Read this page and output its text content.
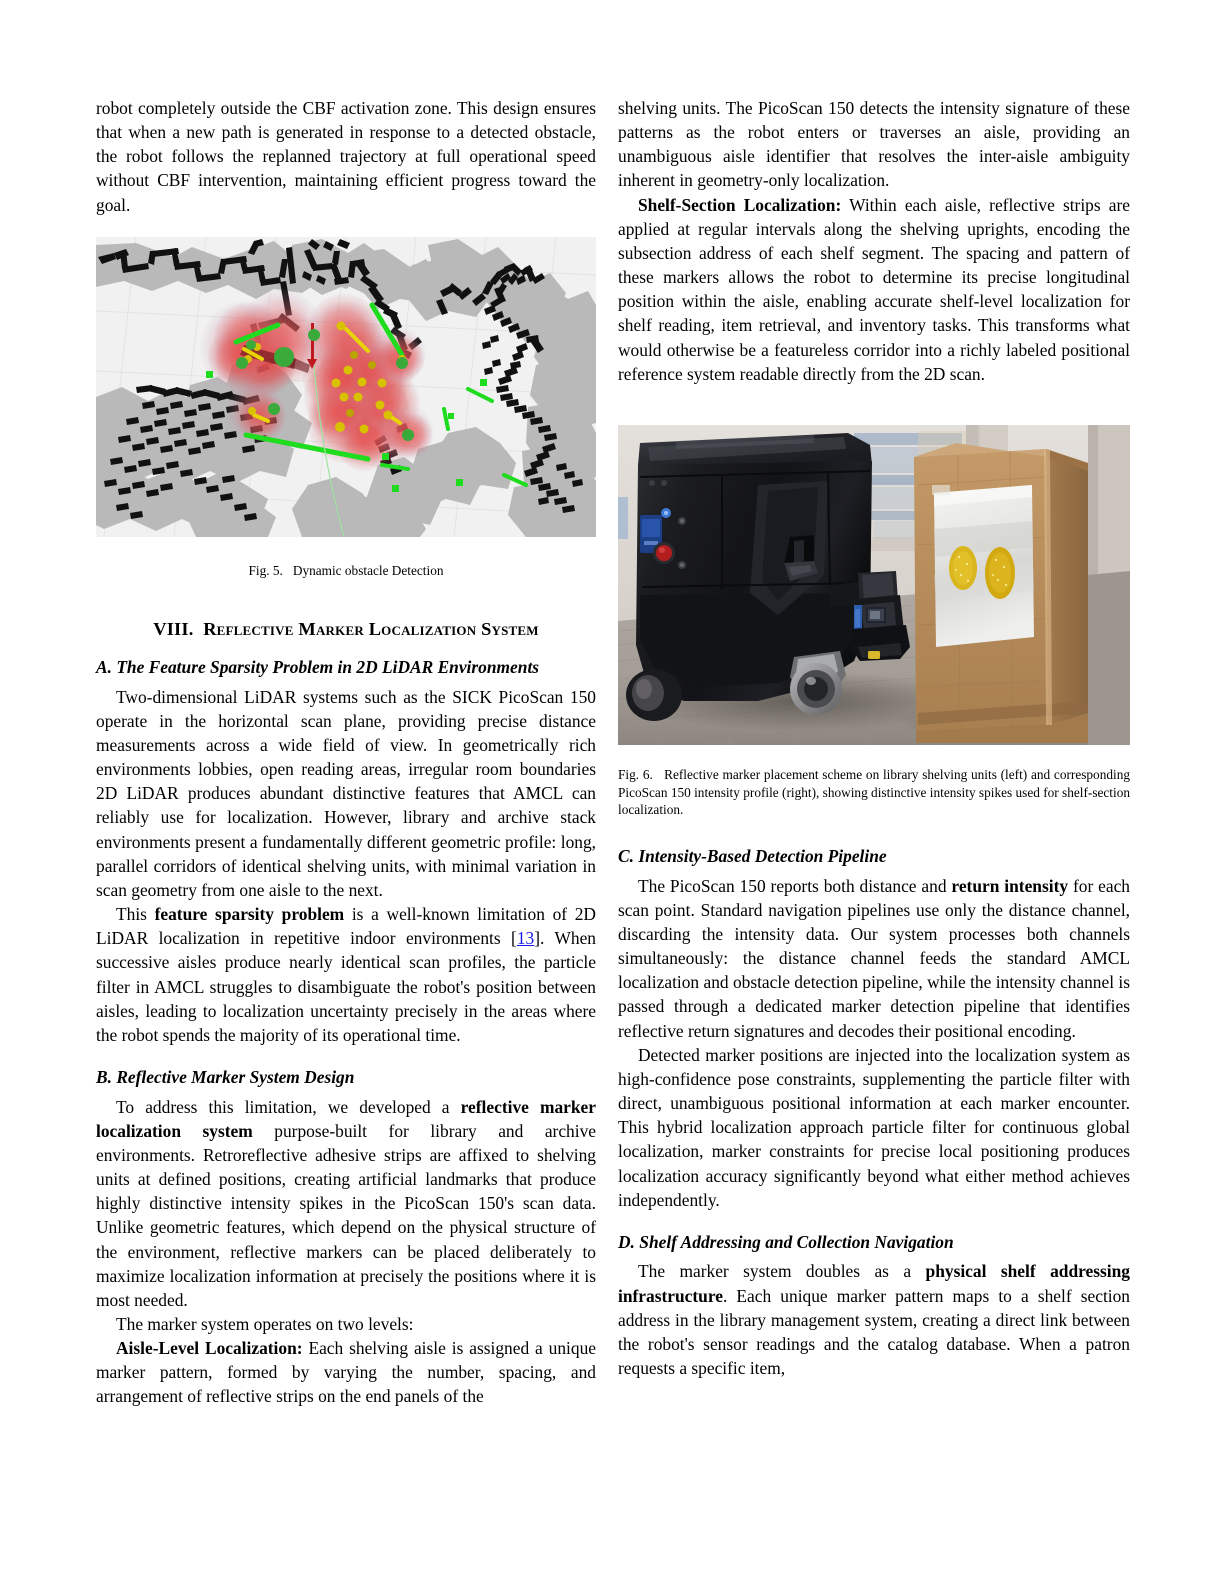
robot completely outside the CBF activation zone. This design ensures that when a new path is generated in response to a detected obstacle, the robot follows the replanned trajectory at full operational speed without CBF intervention, maintaining efficient progress toward the goal.

Fig. 5. Dynamic obstacle Detection

VIII. Reflective Marker Localization System
A. The Feature Sparsity Problem in 2D LiDAR Environments

Two-dimensional LiDAR systems such as the SICK PicoScan 150 operate in the horizontal scan plane, providing precise distance measurements across a wide field of view. In geometrically rich environments lobbies, open reading areas, irregular room boundaries 2D LiDAR produces abundant distinctive features that AMCL can reliably use for localization. However, library and archive stack environments present a fundamentally different geometric profile: long, parallel corridors of identical shelving units, with minimal variation in scan geometry from one aisle to the next.

This feature sparsity problem is a well-known limitation of 2D LiDAR localization in repetitive indoor environments [13]. When successive aisles produce nearly identical scan profiles, the particle filter in AMCL struggles to disambiguate the robot's position between aisles, leading to localization uncertainty precisely in the areas where the robot spends the majority of its operational time.

B. Reflective Marker System Design

To address this limitation, we developed a reflective marker localization system purpose-built for library and archive environments. Retroreflective adhesive strips are affixed to shelving units at defined positions, creating artificial landmarks that produce highly distinctive intensity spikes in the PicoScan 150's scan data. Unlike geometric features, which depend on the physical structure of the environment, reflective markers can be placed deliberately to maximize localization information at precisely the positions where it is most needed.

The marker system operates on two levels:

Aisle-Level Localization: Each shelving aisle is assigned a unique marker pattern, formed by varying the number, spacing, and arrangement of reflective strips on the end panels of the

shelving units. The PicoScan 150 detects the intensity signature of these patterns as the robot enters or traverses an aisle, providing an unambiguous aisle identifier that resolves the inter-aisle ambiguity inherent in geometry-only localization.

Shelf-Section Localization: Within each aisle, reflective strips are applied at regular intervals along the shelving uprights, encoding the subsection address of each shelf segment. The spacing and pattern of these markers allows the robot to determine its precise longitudinal position within the aisle, enabling accurate shelf-level localization for shelf reading, item retrieval, and inventory tasks. This transforms what would otherwise be a featureless corridor into a richly labeled positional reference system readable directly from the 2D scan.

Fig. 6. Reflective marker placement scheme on library shelving units (left) and corresponding PicoScan 150 intensity profile (right), showing distinctive intensity spikes used for shelf-section localization.

C. Intensity-Based Detection Pipeline

The PicoScan 150 reports both distance and return intensity for each scan point. Standard navigation pipelines use only the distance channel, discarding the intensity data. Our system processes both channels simultaneously: the distance channel feeds the standard AMCL localization and obstacle detection pipeline, while the intensity channel is passed through a dedicated marker detection pipeline that identifies reflective return signatures and decodes their positional encoding.

Detected marker positions are injected into the localization system as high-confidence pose constraints, supplementing the particle filter with direct, unambiguous positional information at each marker encounter. This hybrid localization approach particle filter for continuous global localization, marker constraints for precise local positioning produces localization accuracy significantly beyond what either method achieves independently.

D. Shelf Addressing and Collection Navigation

The marker system doubles as a physical shelf addressing infrastructure. Each unique marker pattern maps to a shelf section address in the library management system, creating a direct link between the robot's sensor readings and the catalog database. When a patron requests a specific item,
